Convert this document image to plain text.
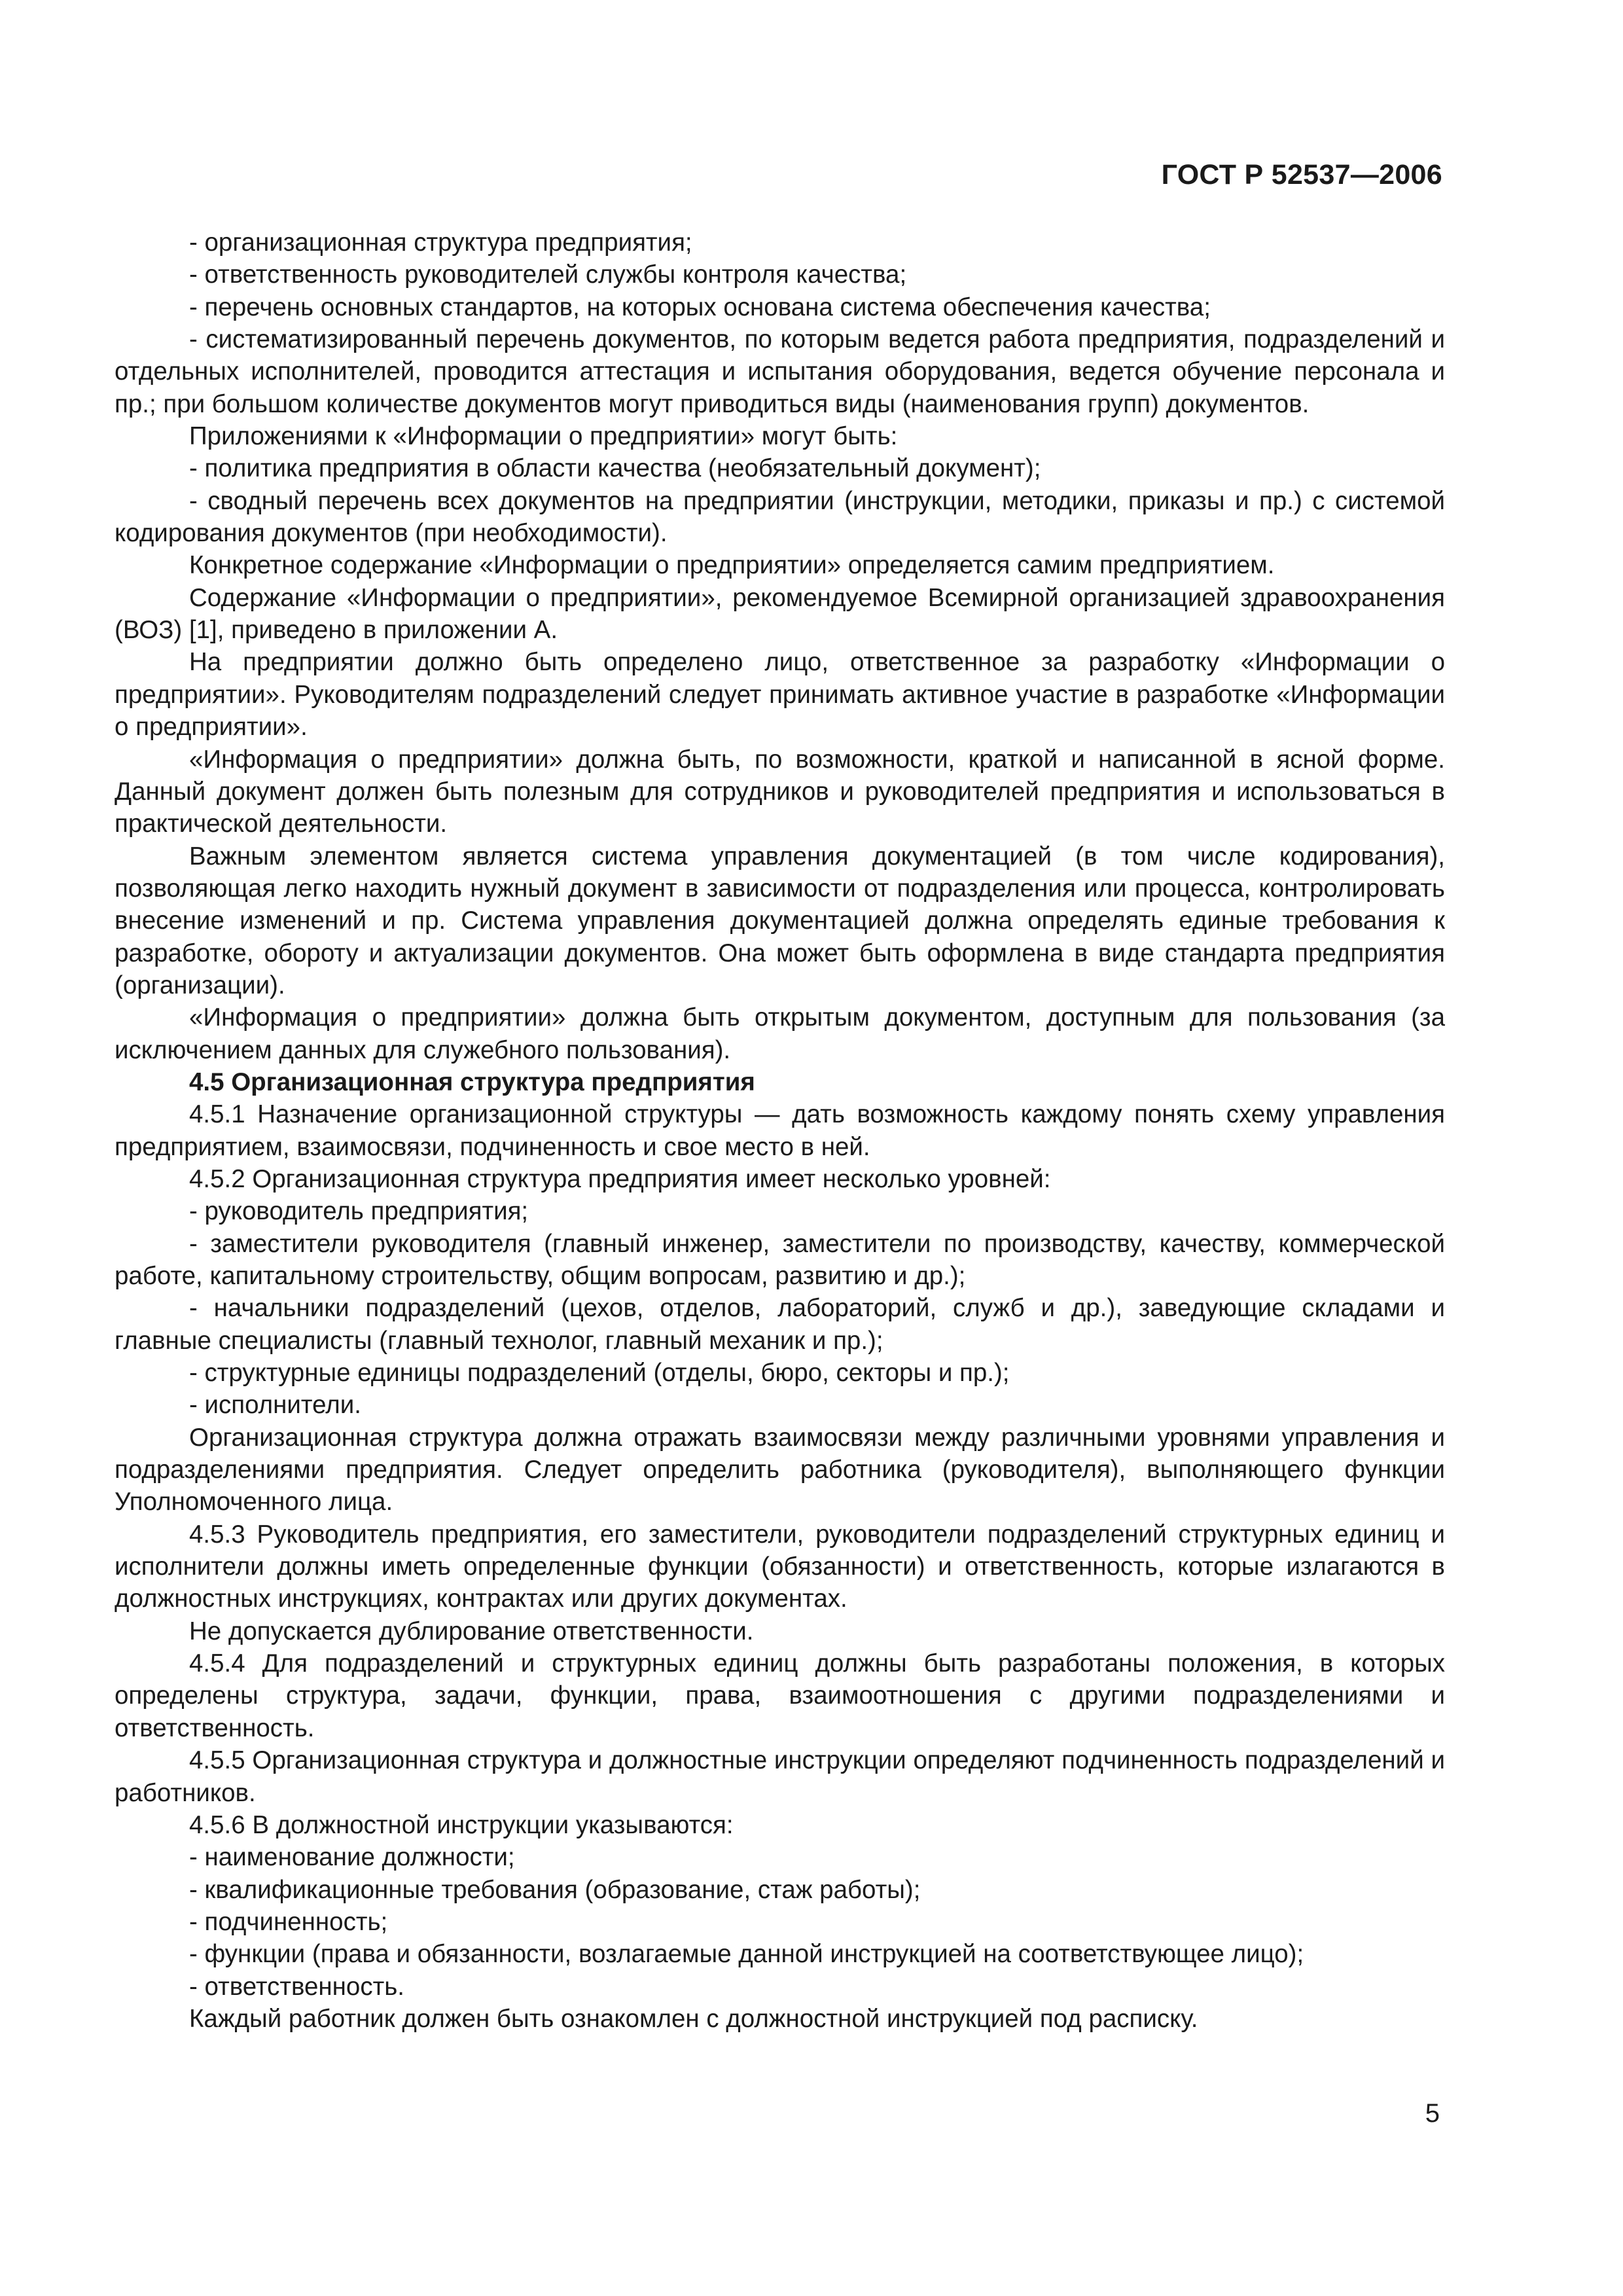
ГОСТ Р 52537—2006

- организационная структура предприятия;

- ответственность руководителей службы контроля качества;

- перечень основных стандартов, на которых основана система обеспечения качества;

- систематизированный перечень документов, по которым ведется работа предприятия, подразделений и отдельных исполнителей, проводится аттестация и испытания оборудования, ведется обучение персонала и пр.; при большом количестве документов могут приводиться виды (наименования групп) документов.

Приложениями к «Информации о предприятии» могут быть:

- политика предприятия в области качества (необязательный документ);

- сводный перечень всех документов на предприятии (инструкции, методики, приказы и пр.) с системой кодирования документов (при необходимости).

Конкретное содержание «Информации о предприятии» определяется самим предприятием.

Содержание «Информации о предприятии», рекомендуемое Всемирной организацией здравоохранения (ВОЗ) [1], приведено в приложении А.

На предприятии должно быть определено лицо, ответственное за разработку «Информации о предприятии». Руководителям подразделений следует принимать активное участие в разработке «Информации о предприятии».

«Информация о предприятии» должна быть, по возможности, краткой и написанной в ясной форме. Данный документ должен быть полезным для сотрудников и руководителей предприятия и использоваться в практической деятельности.

Важным элементом является система управления документацией (в том числе кодирования), позволяющая легко находить нужный документ в зависимости от подразделения или процесса, контролировать внесение изменений и пр. Система управления документацией должна определять единые требования к разработке, обороту и актуализации документов. Она может быть оформлена в виде стандарта предприятия (организации).

«Информация о предприятии» должна быть открытым документом, доступным для пользования (за исключением данных для служебного пользования).

4.5 Организационная структура предприятия

4.5.1 Назначение организационной структуры — дать возможность каждому понять схему управления предприятием, взаимосвязи, подчиненность и свое место в ней.

4.5.2 Организационная структура предприятия имеет несколько уровней:

- руководитель предприятия;

- заместители руководителя (главный инженер, заместители по производству, качеству, коммерческой работе, капитальному строительству, общим вопросам, развитию и др.);

- начальники подразделений (цехов, отделов, лабораторий, служб и др.), заведующие складами и главные специалисты (главный технолог, главный механик и пр.);

- структурные единицы подразделений (отделы, бюро, секторы и пр.);

- исполнители.

Организационная структура должна отражать взаимосвязи между различными уровнями управления и подразделениями предприятия. Следует определить работника (руководителя), выполняющего функции Уполномоченного лица.

4.5.3 Руководитель предприятия, его заместители, руководители подразделений структурных единиц и исполнители должны иметь определенные функции (обязанности) и ответственность, которые излагаются в должностных инструкциях, контрактах или других документах.

Не допускается дублирование ответственности.

4.5.4 Для подразделений и структурных единиц должны быть разработаны положения, в которых определены структура, задачи, функции, права, взаимоотношения с другими подразделениями и ответственность.

4.5.5 Организационная структура и должностные инструкции определяют подчиненность подразделений и работников.

4.5.6 В должностной инструкции указываются:

- наименование должности;

- квалификационные требования (образование, стаж работы);

- подчиненность;

- функции (права и обязанности, возлагаемые данной инструкцией на соответствующее лицо);

- ответственность.

Каждый работник должен быть ознакомлен с должностной инструкцией под расписку.

5
